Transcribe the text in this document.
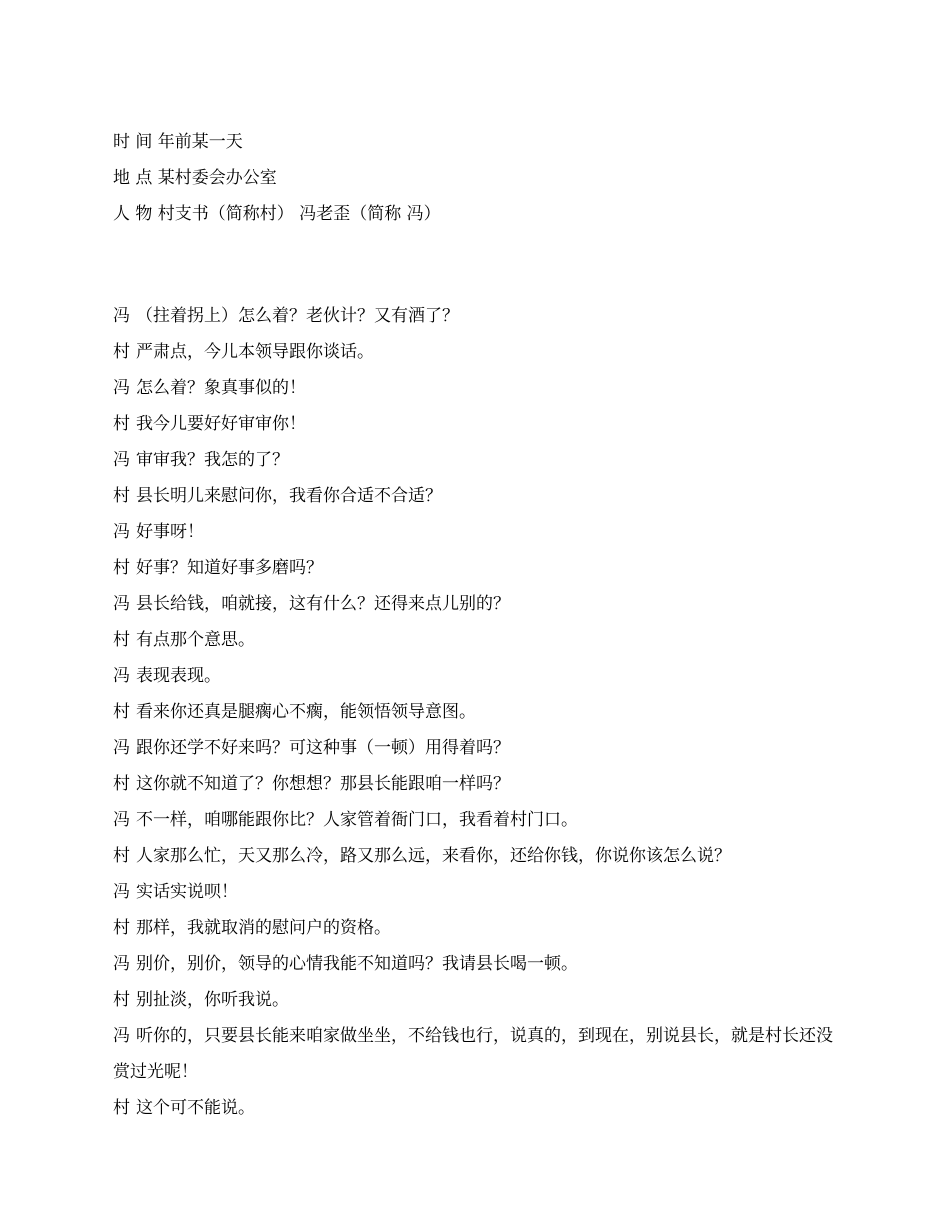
时 间 年前某一天
地 点 某村委会办公室
人 物 村支书（简称村） 冯老歪（简称 冯）
冯 （拄着拐上）怎么着？老伙计？又有酒了？
村 严肃点，今儿本领导跟你谈话。
冯 怎么着？象真事似的！
村 我今儿要好好审审你！
冯 审审我？我怎的了？
村 县长明儿来慰问你，我看你合适不合适？
冯 好事呀！
村 好事？知道好事多磨吗？
冯 县长给钱，咱就接，这有什么？还得来点儿别的？
村 有点那个意思。
冯 表现表现。
村 看来你还真是腿瘸心不瘸，能领悟领导意图。
冯 跟你还学不好来吗？可这种事（一顿）用得着吗？
村 这你就不知道了？你想想？那县长能跟咱一样吗？
冯 不一样，咱哪能跟你比？人家管着衙门口，我看着村门口。
村 人家那么忙，天又那么冷，路又那么远，来看你，还给你钱，你说你该怎么说？
冯 实话实说呗！
村 那样，我就取消的慰问户的资格。
冯 别价，别价，领导的心情我能不知道吗？我请县长喝一顿。
村 别扯淡，你听我说。
冯 听你的，只要县长能来咱家做坐坐，不给钱也行，说真的，到现在，别说县长，就是村长还没赏过光呢！
村 这个可不能说。
